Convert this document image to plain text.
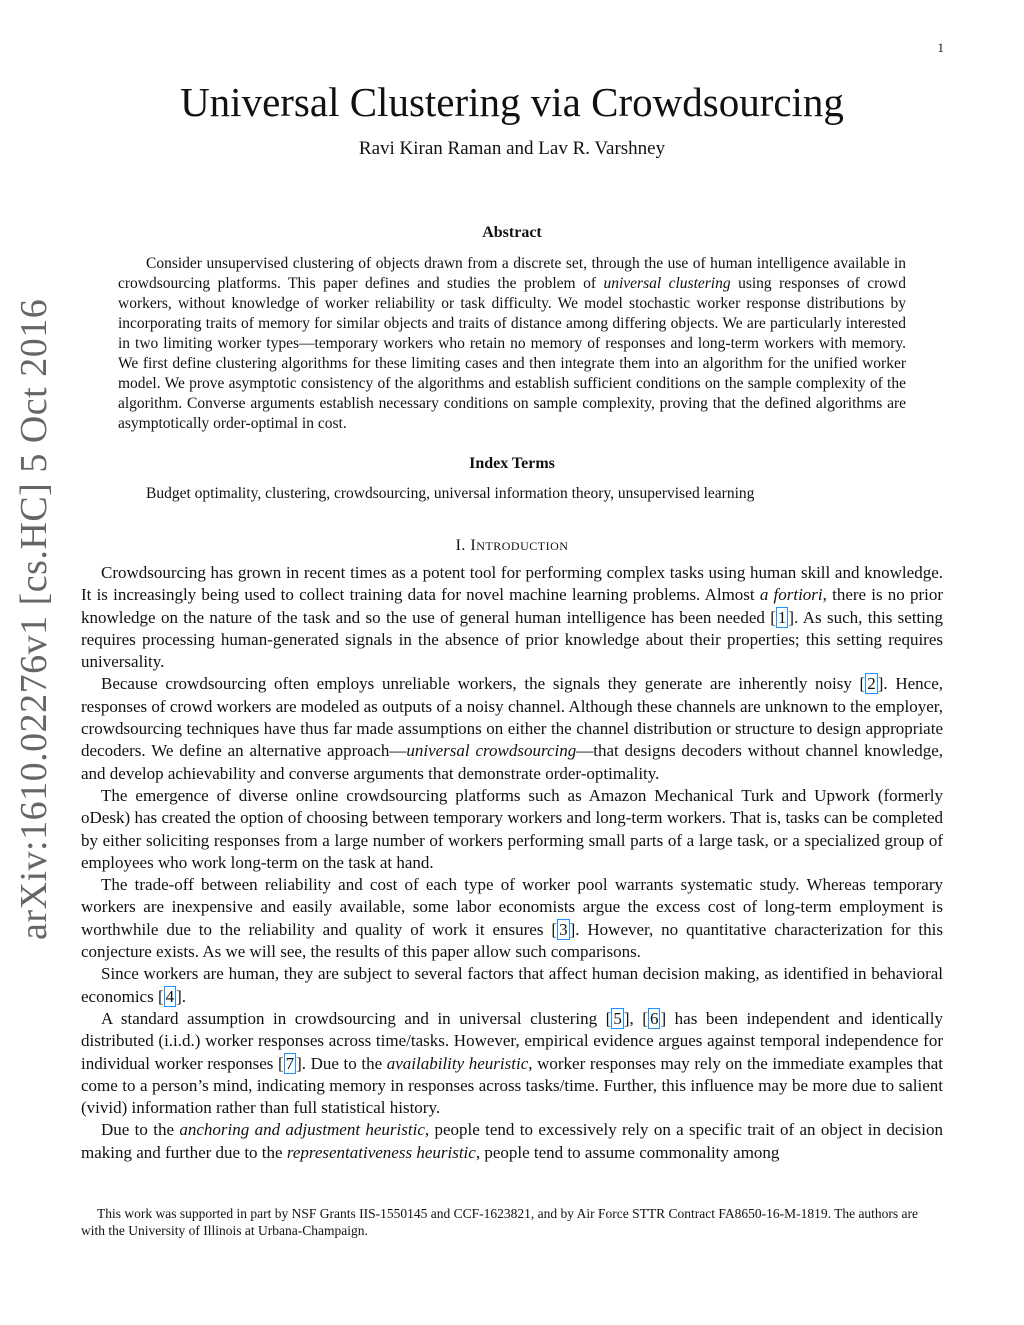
1
arXiv:1610.02276v1 [cs.HC] 5 Oct 2016
Universal Clustering via Crowdsourcing
Ravi Kiran Raman and Lav R. Varshney
Abstract

Consider unsupervised clustering of objects drawn from a discrete set, through the use of human intelligence available in crowdsourcing platforms. This paper defines and studies the problem of universal clustering using responses of crowd workers, without knowledge of worker reliability or task difficulty. We model stochastic worker response distributions by incorporating traits of memory for similar objects and traits of distance among differing objects. We are particularly interested in two limiting worker types—temporary workers who retain no memory of responses and long-term workers with memory. We first define clustering algorithms for these limiting cases and then integrate them into an algorithm for the unified worker model. We prove asymptotic consistency of the algorithms and establish sufficient conditions on the sample complexity of the algorithm. Converse arguments establish necessary conditions on sample complexity, proving that the defined algorithms are asymptotically order-optimal in cost.

Index Terms

Budget optimality, clustering, crowdsourcing, universal information theory, unsupervised learning

I. INTRODUCTION

Crowdsourcing has grown in recent times as a potent tool for performing complex tasks using human skill and knowledge. It is increasingly being used to collect training data for novel machine learning problems. Almost a fortiori, there is no prior knowledge on the nature of the task and so the use of general human intelligence has been needed [ 1 ]. As such, this setting requires processing human-generated signals in the absence of prior knowledge about their properties; this setting requires universality.

Because crowdsourcing often employs unreliable workers, the signals they generate are inherently noisy [ 2 ]. Hence, responses of crowd workers are modeled as outputs of a noisy channel. Although these channels are unknown to the employer, crowdsourcing techniques have thus far made assumptions on either the channel distribution or structure to design appropriate decoders. We define an alternative approach—universal crowdsourcing—that designs decoders without channel knowledge, and develop achievability and converse arguments that demonstrate order-optimality.

The emergence of diverse online crowdsourcing platforms such as Amazon Mechanical Turk and Upwork (formerly oDesk) has created the option of choosing between temporary workers and long-term workers. That is, tasks can be completed by either soliciting responses from a large number of workers performing small parts of a large task, or a specialized group of employees who work long-term on the task at hand.

The trade-off between reliability and cost of each type of worker pool warrants systematic study. Whereas temporary workers are inexpensive and easily available, some labor economists argue the excess cost of long-term employment is worthwhile due to the reliability and quality of work it ensures [ 3 ]. However, no quantitative characterization for this conjecture exists. As we will see, the results of this paper allow such comparisons.

Since workers are human, they are subject to several factors that affect human decision making, as identified in behavioral economics [ 4 ].

A standard assumption in crowdsourcing and in universal clustering [ 5 ], [ 6 ] has been independent and identically distributed (i.i.d.) worker responses across time/tasks. However, empirical evidence argues against temporal independence for individual worker responses [ 7 ]. Due to the availability heuristic, worker responses may rely on the immediate examples that come to a person’s mind, indicating memory in responses across tasks/time. Further, this influence may be more due to salient (vivid) information rather than full statistical history.

Due to the anchoring and adjustment heuristic, people tend to excessively rely on a specific trait of an object in decision making and further due to the representativeness heuristic, people tend to assume commonality among

This work was supported in part by NSF Grants IIS-1550145 and CCF-1623821, and by Air Force STTR Contract FA8650-16-M-1819. The authors are with the University of Illinois at Urbana-Champaign.
